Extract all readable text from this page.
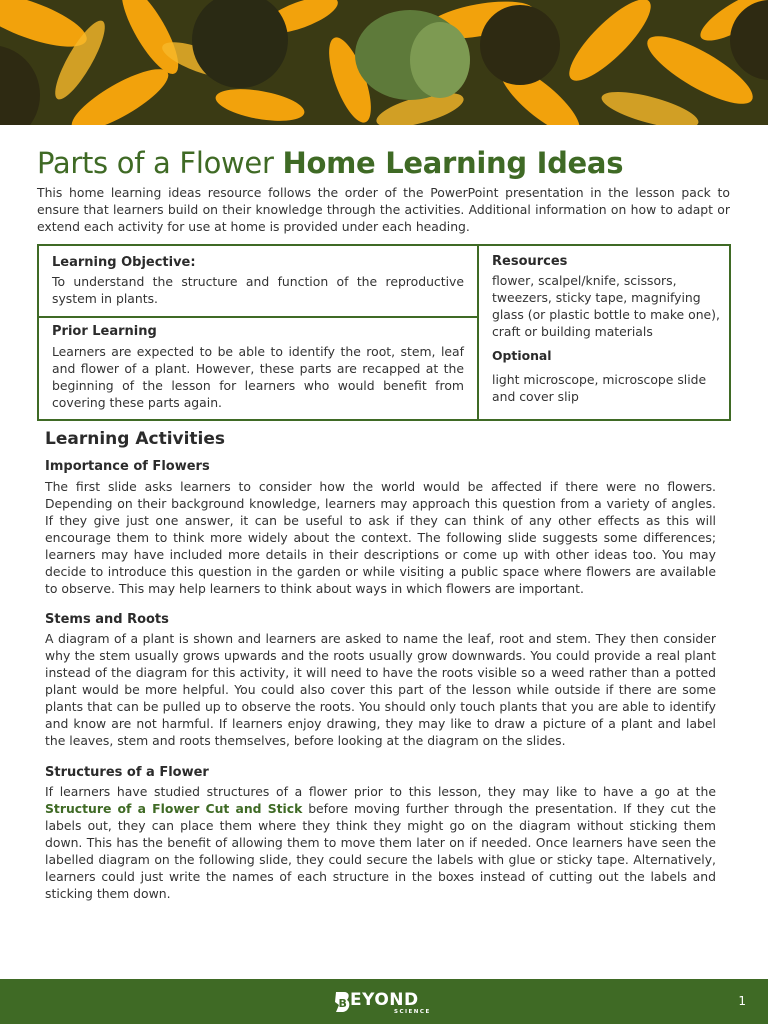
Parts of a Flower Home Learning Ideas

This home learning ideas resource follows the order of the PowerPoint presentation in the lesson pack to ensure that learners build on their knowledge through the activities. Additional information on how to adapt or extend each activity for use at home is provided under each heading.

Learning Objective:

To understand the structure and function of the reproductive system in plants.

Prior Learning

Learners are expected to be able to identify the root, stem, leaf and flower of a plant. However, these parts are recapped at the beginning of the lesson for learners who would benefit from covering these parts again.

Resources

flower, scalpel/knife, scissors, tweezers, sticky tape, magnifying glass (or plastic bottle to make one), craft or building materials

Optional

light microscope, microscope slide and cover slip

Learning Activities
Importance of Flowers

The first slide asks learners to consider how the world would be affected if there were no flowers. Depending on their background knowledge, learners may approach this question from a variety of angles. If they give just one answer, it can be useful to ask if they can think of any other effects as this will encourage them to think more widely about the context. The following slide suggests some differences; learners may have included more details in their descriptions or come up with other ideas too. You may decide to introduce this question in the garden or while visiting a public space where flowers are available to observe. This may help learners to think about ways in which flowers are important.

Stems and Roots

A diagram of a plant is shown and learners are asked to name the leaf, root and stem. They then consider why the stem usually grows upwards and the roots usually grow downwards. You could provide a real plant instead of the diagram for this activity, it will need to have the roots visible so a weed rather than a potted plant would be more helpful. You could also cover this part of the lesson while outside if there are some plants that can be pulled up to observe the roots. You should only touch plants that you are able to identify and know are not harmful. If learners enjoy drawing, they may like to draw a picture of a plant and label the leaves, stem and roots themselves, before looking at the diagram on the slides.

Structures of a Flower

If learners have studied structures of a flower prior to this lesson, they may like to have a go at the Structure of a Flower Cut and Stick before moving further through the presentation. If they cut the labels out, they can place them where they think they might go on the diagram without sticking them down. This has the benefit of allowing them to move them later on if needed. Once learners have seen the labelled diagram on the following slide, they could secure the labels with glue or sticky tape. Alternatively, learners could just write the names of each structure in the boxes instead of cutting out the labels and sticking them down.

B EYOND

SCIENCE

1
